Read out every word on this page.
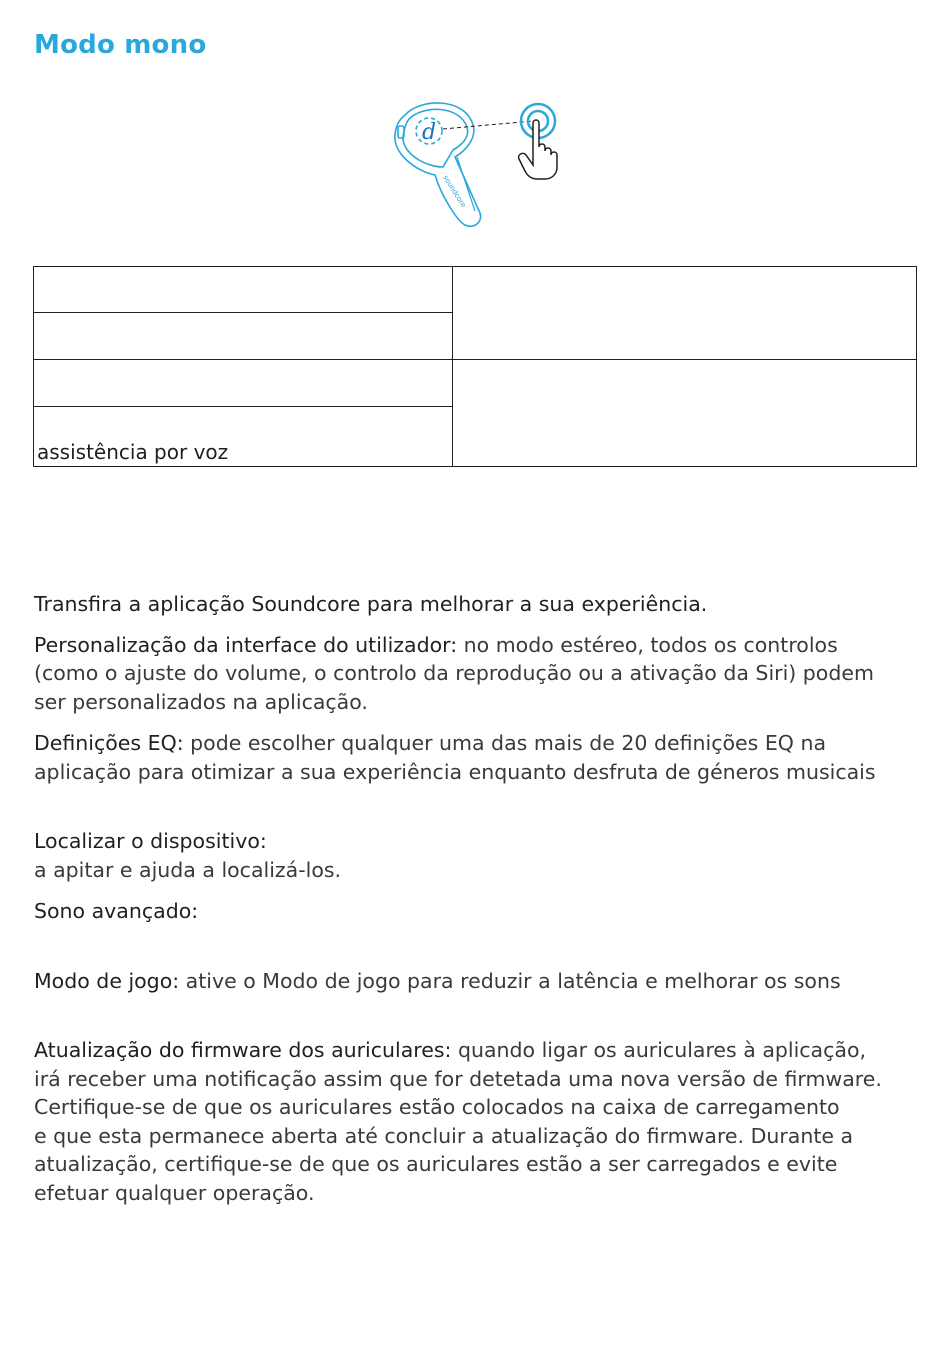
Modo mono
d
soundcore

assistência por voz	

Transfira a aplicação Soundcore para melhorar a sua experiência.

Personalização da interface do utilizador: no modo estéreo, todos os controlos
(como o ajuste do volume, o controlo da reprodução ou a ativação da Siri) podem
ser personalizados na aplicação.

Definições EQ: pode escolher qualquer uma das mais de 20 definições EQ na
aplicação para otimizar a sua experiência enquanto desfruta de géneros musicais

Localizar o dispositivo:
a apitar e ajuda a localizá-los.

Sono avançado:

Modo de jogo: ative o Modo de jogo para reduzir a latência e melhorar os sons

Atualização do firmware dos auriculares: quando ligar os auriculares à aplicação,
irá receber uma notificação assim que for detetada uma nova versão de firmware.
Certifique-se de que os auriculares estão colocados na caixa de carregamento
e que esta permanece aberta até concluir a atualização do firmware. Durante a
atualização, certifique-se de que os auriculares estão a ser carregados e evite
efetuar qualquer operação.
